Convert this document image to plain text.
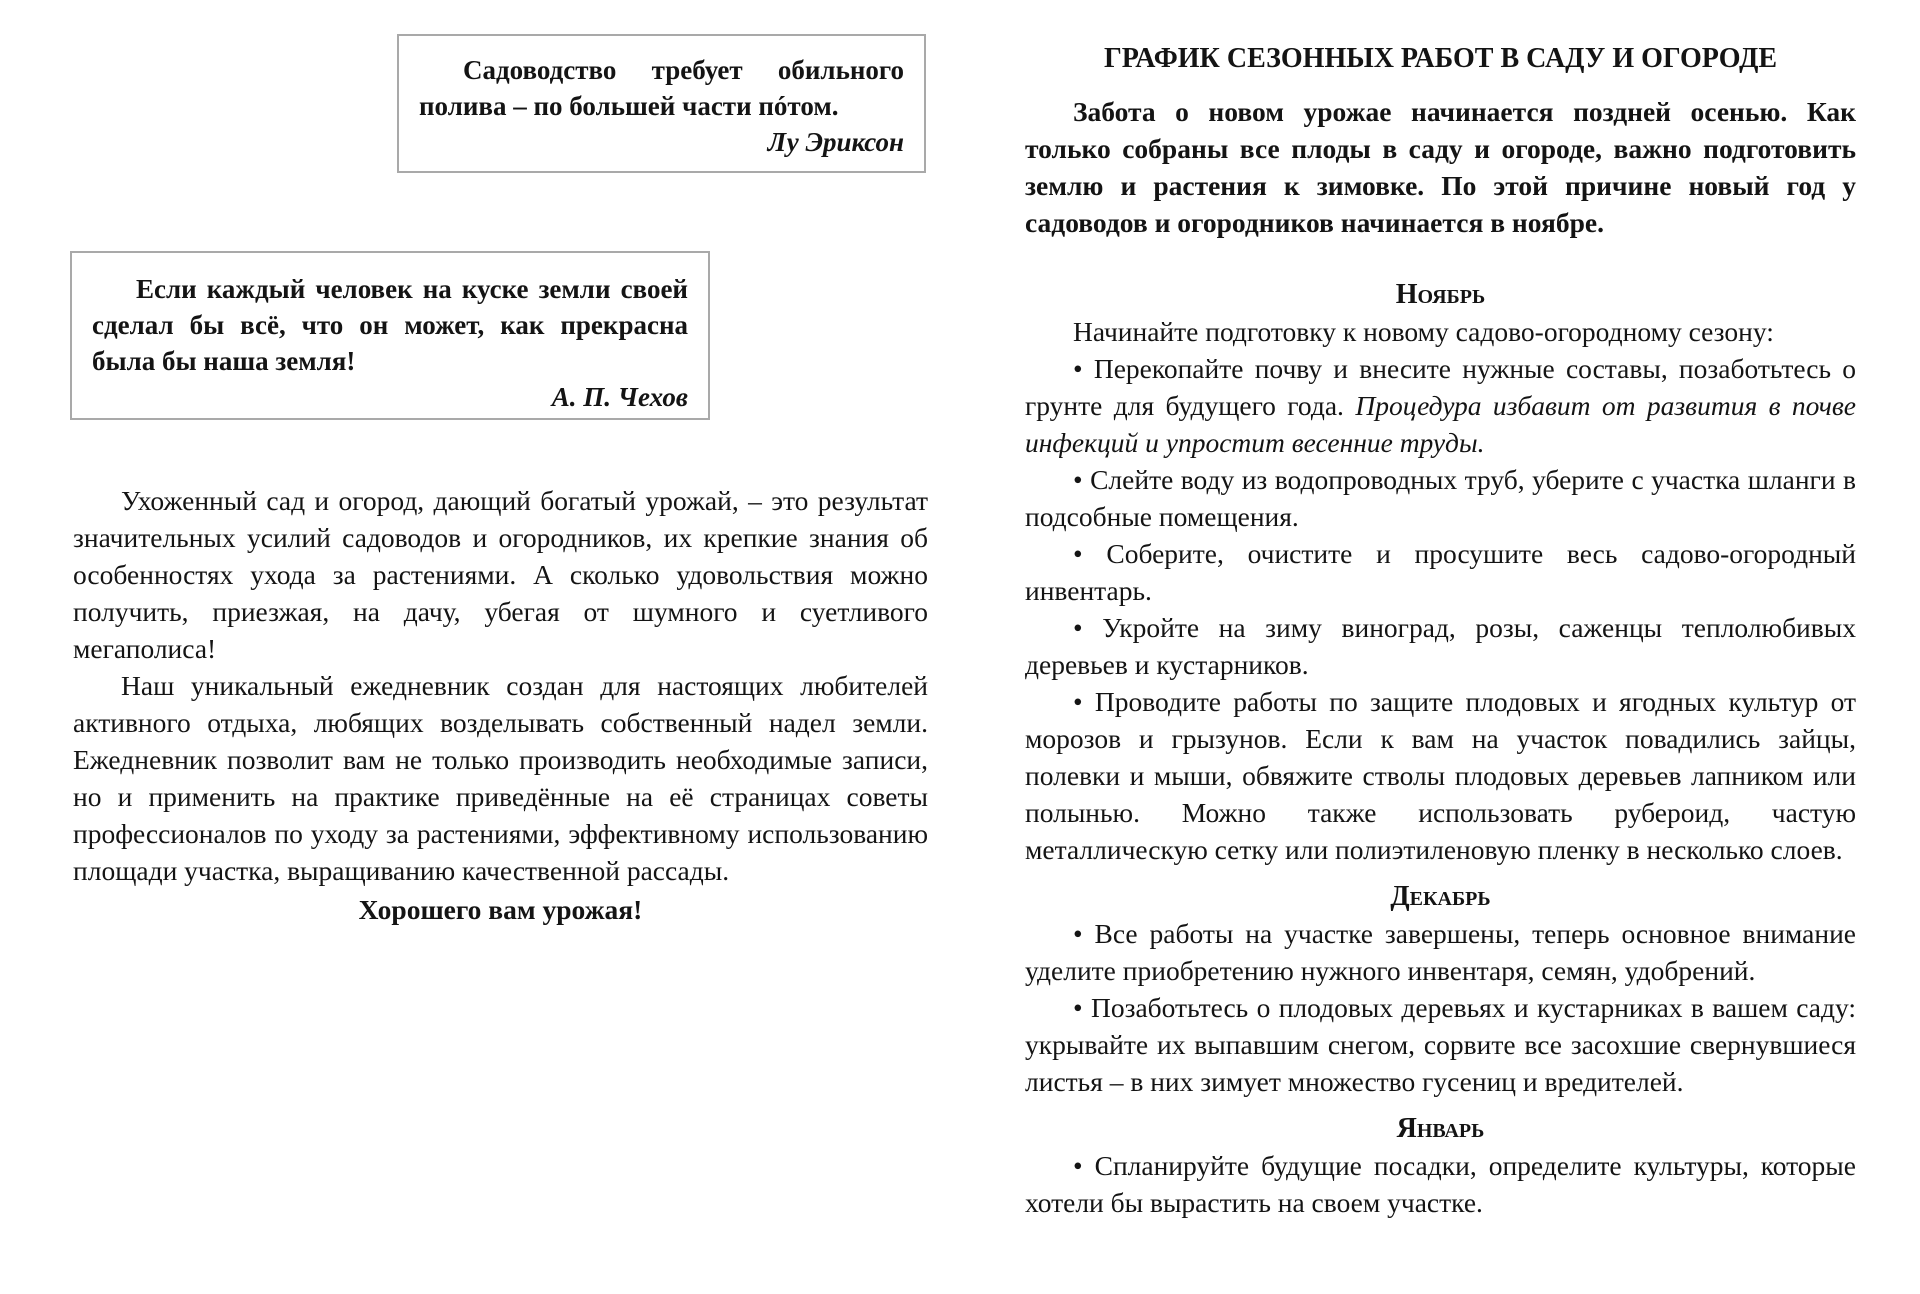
Садоводство требует обильного полива – по большей части пóтом.
Лу Эриксон
Если каждый человек на куске земли своей сделал бы всё, что он может, как прекрасна была бы наша земля!
А. П. Чехов

Ухоженный сад и огород, дающий богатый урожай, – это результат значительных усилий садоводов и огородников, их крепкие знания об особенностях ухода за растениями. А сколько удовольствия можно получить, приезжая, на дачу, убегая от шумного и суетливого мегаполиса!

Наш уникальный ежедневник создан для настоящих любителей активного отдыха, любящих возделывать собственный надел земли. Ежедневник позволит вам не только производить необходимые записи, но и применить на практике приведённые на её страницах советы профессионалов по уходу за растениями, эффективному использованию площади участка, выращиванию качественной рассады.

Хорошего вам урожая!

ГРАФИК СЕЗОННЫХ РАБОТ В САДУ И ОГОРОДЕ

Забота о новом урожае начинается поздней осенью. Как только собраны все плоды в саду и огороде, важно подготовить землю и растения к зимовке. По этой причине новый год у садоводов и огородников начинается в ноябре.

Ноябрь

Начинайте подготовку к новому садово-огородному сезону:

• Перекопайте почву и внесите нужные составы, позаботьтесь о грунте для будущего года. Процедура избавит от развития в почве инфекций и упростит весенние труды.

• Слейте воду из водопроводных труб, уберите с участка шланги в подсобные помещения.

• Соберите, очистите и просушите весь садово-огородный инвентарь.

• Укройте на зиму виноград, розы, саженцы теплолюбивых деревьев и кустарников.

• Проводите работы по защите плодовых и ягодных культур от морозов и грызунов. Если к вам на участок повадились зайцы, полевки и мыши, обвяжите стволы плодовых деревьев лапником или полынью. Можно также использовать рубероид, частую металлическую сетку или полиэтиленовую пленку в несколько слоев.

Декабрь

• Все работы на участке завершены, теперь основное внимание уделите приобретению нужного инвентаря, семян, удобрений.

• Позаботьтесь о плодовых деревьях и кустарниках в вашем саду: укрывайте их выпавшим снегом, сорвите все засохшие свернувшиеся листья – в них зимует множество гусениц и вредителей.

Январь

• Спланируйте будущие посадки, определите культуры, которые хотели бы вырастить на своем участке.
